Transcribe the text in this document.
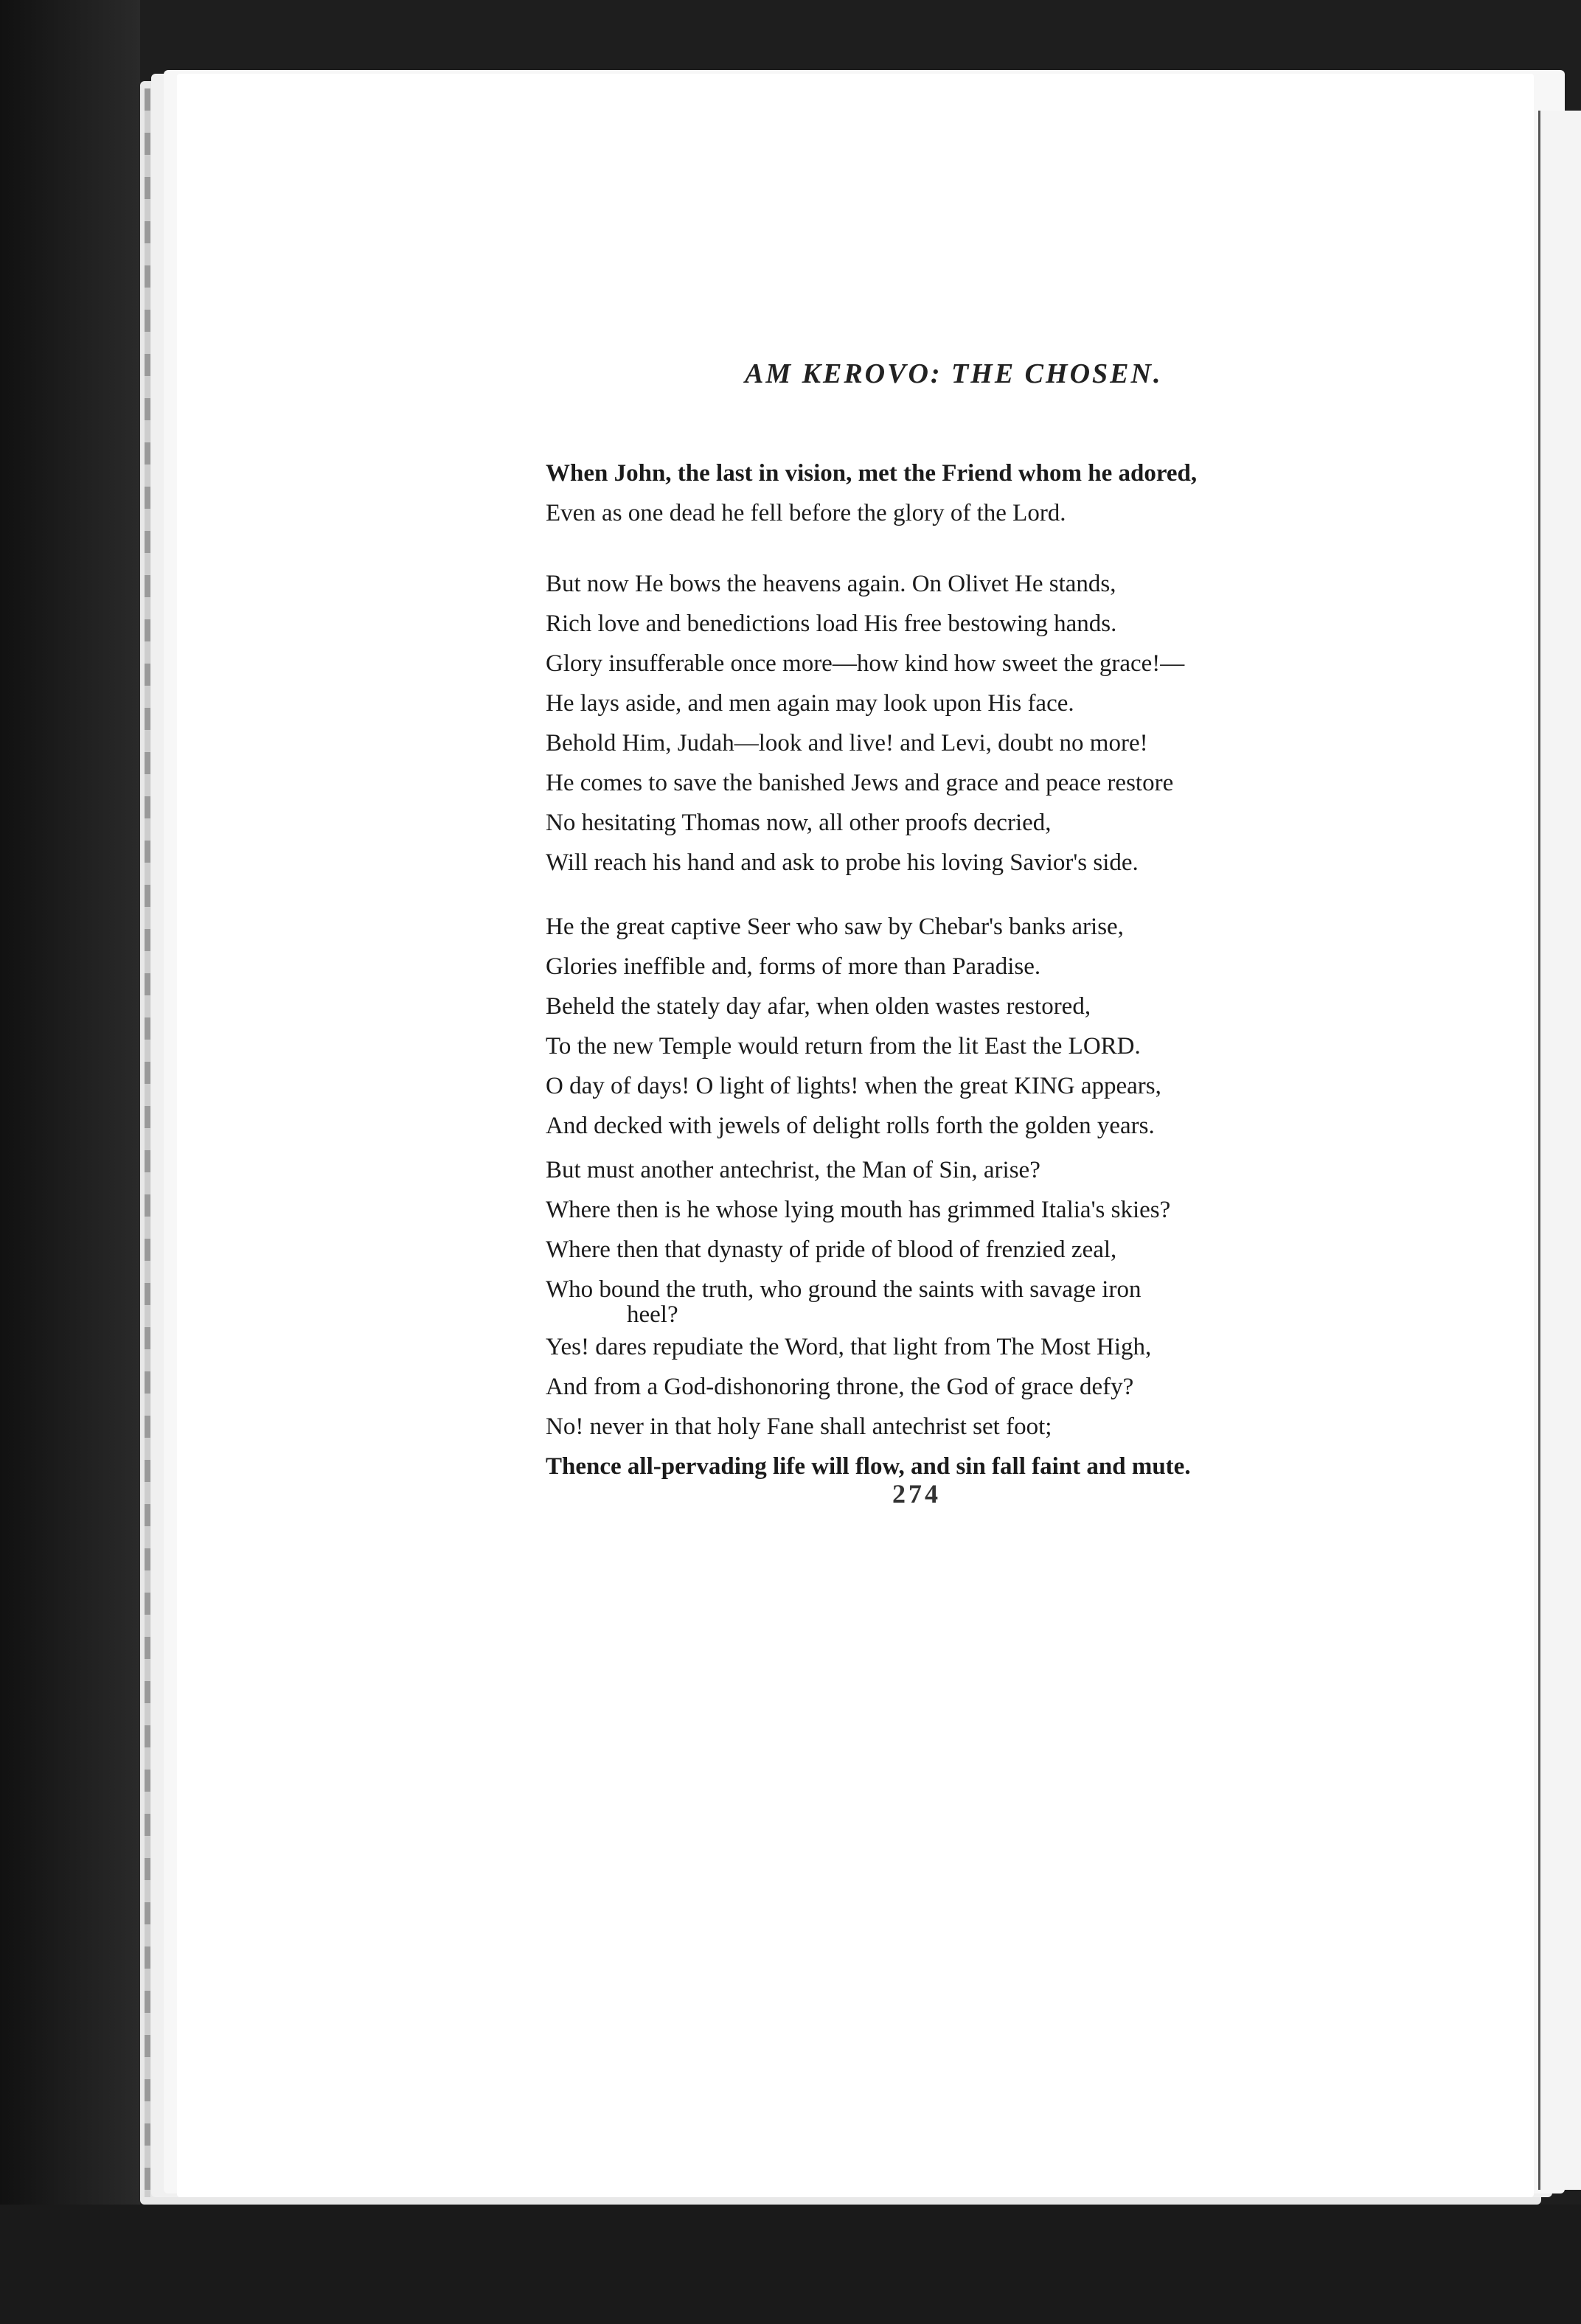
AM KEROVO: THE CHOSEN.
When John, the last in vision, met the Friend whom he adored,
Even as one dead he fell before the glory of the Lord.
But now He bows the heavens again. On Olivet He stands,
Rich love and benedictions load His free bestowing hands.
Glory insufferable once more—how kind how sweet the grace!—
He lays aside, and men again may look upon His face.
Behold Him, Judah—look and live! and Levi, doubt no more!
He comes to save the banished Jews and grace and peace restore
No hesitating Thomas now, all other proofs decried,
Will reach his hand and ask to probe his loving Savior's side.
He the great captive Seer who saw by Chebar's banks arise,
Glories ineffible and, forms of more than Paradise.
Beheld the stately day afar, when olden wastes restored,
To the new Temple would return from the lit East the LORD.
O day of days! O light of lights! when the great KING appears,
And decked with jewels of delight rolls forth the golden years.
But must another antechrist, the Man of Sin, arise?
Where then is he whose lying mouth has grimmed Italia's skies?
Where then that dynasty of pride of blood of frenzied zeal,
Who bound the truth, who ground the saints with savage iron
heel?
Yes! dares repudiate the Word, that light from The Most High,
And from a God-dishonoring throne, the God of grace defy?
No! never in that holy Fane shall antechrist set foot;
Thence all-pervading life will flow, and sin fall faint and mute.
274
